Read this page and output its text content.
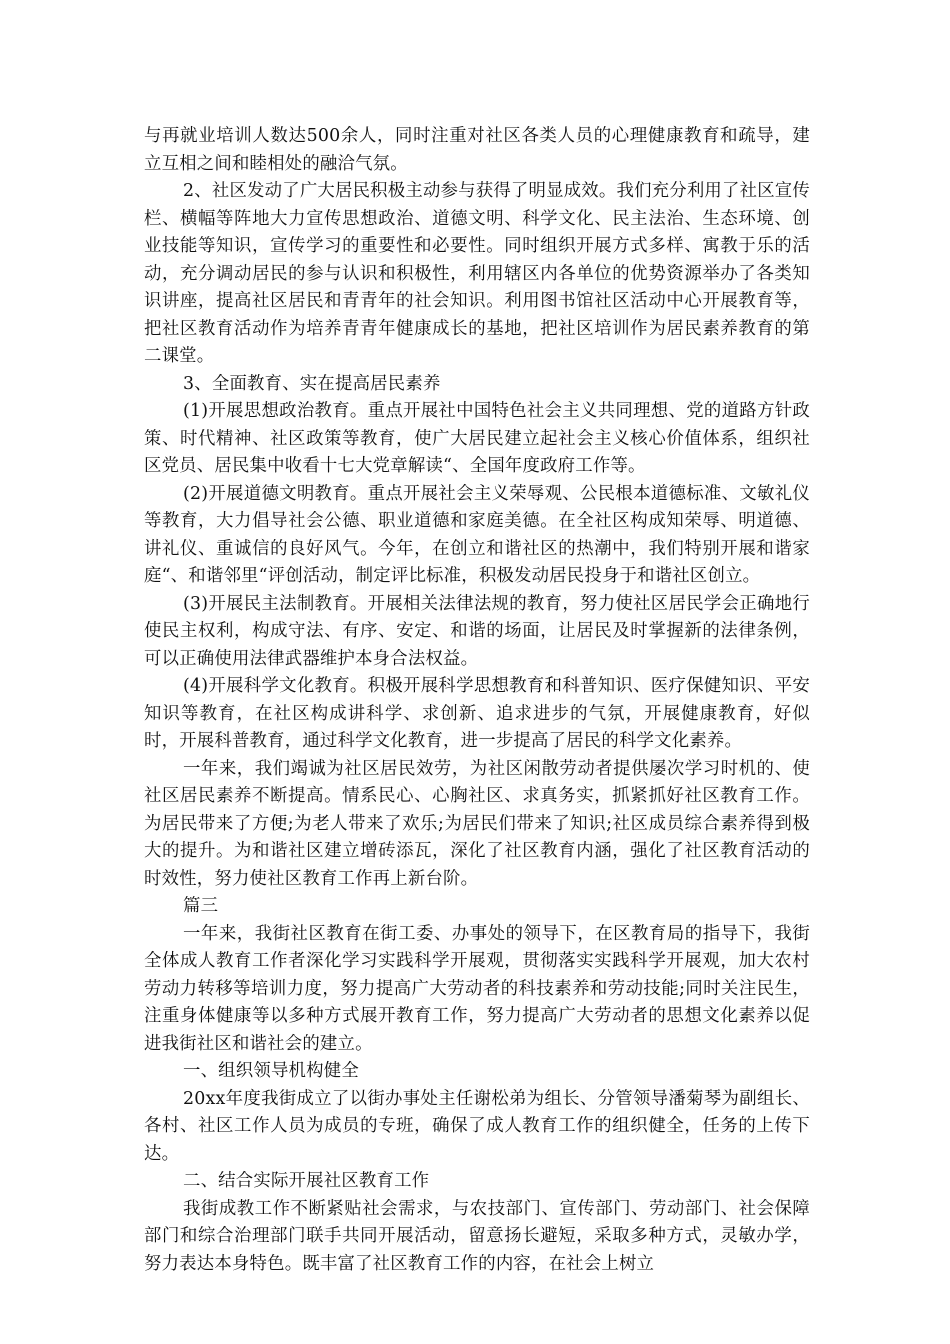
与再就业培训人数达500余人，同时注重对社区各类人员的心理健康教育和疏导，建立互相之间和睦相处的融洽气氛。

2、社区发动了广大居民积极主动参与获得了明显成效。我们充分利用了社区宣传栏、横幅等阵地大力宣传思想政治、道德文明、科学文化、民主法治、生态环境、创业技能等知识，宣传学习的重要性和必要性。同时组织开展方式多样、寓教于乐的活动，充分调动居民的参与认识和积极性，利用辖区内各单位的优势资源举办了各类知识讲座，提高社区居民和青青年的社会知识。利用图书馆社区活动中心开展教育等，把社区教育活动作为培养青青年健康成长的基地，把社区培训作为居民素养教育的第二课堂。

3、全面教育、实在提高居民素养

(1)开展思想政治教育。重点开展社中国特色社会主义共同理想、党的道路方针政策、时代精神、社区政策等教育，使广大居民建立起社会主义核心价值体系，组织社区党员、居民集中收看十七大党章解读“、全国年度政府工作等。

(2)开展道德文明教育。重点开展社会主义荣辱观、公民根本道德标准、文敏礼仪等教育，大力倡导社会公德、职业道德和家庭美德。在全社区构成知荣辱、明道德、讲礼仪、重诚信的良好风气。今年，在创立和谐社区的热潮中，我们特别开展和谐家庭“、和谐邻里“评创活动，制定评比标准，积极发动居民投身于和谐社区创立。

(3)开展民主法制教育。开展相关法律法规的教育，努力使社区居民学会正确地行使民主权利，构成守法、有序、安定、和谐的场面，让居民及时掌握新的法律条例，可以正确使用法律武器维护本身合法权益。

(4)开展科学文化教育。积极开展科学思想教育和科普知识、医疗保健知识、平安知识等教育，在社区构成讲科学、求创新、追求进步的气氛，开展健康教育，好似时，开展科普教育，通过科学文化教育，进一步提高了居民的科学文化素养。

一年来，我们竭诚为社区居民效劳，为社区闲散劳动者提供屡次学习时机的、使社区居民素养不断提高。情系民心、心胸社区、求真务实，抓紧抓好社区教育工作。为居民带来了方便;为老人带来了欢乐;为居民们带来了知识;社区成员综合素养得到极大的提升。为和谐社区建立增砖添瓦，深化了社区教育内涵，强化了社区教育活动的时效性，努力使社区教育工作再上新台阶。

篇三

一年来，我街社区教育在街工委、办事处的领导下，在区教育局的指导下，我街全体成人教育工作者深化学习实践科学开展观，贯彻落实实践科学开展观，加大农村劳动力转移等培训力度，努力提高广大劳动者的科技素养和劳动技能;同时关注民生，注重身体健康等以多种方式展开教育工作，努力提高广大劳动者的思想文化素养以促进我街社区和谐社会的建立。

一、组织领导机构健全

20xx年度我街成立了以街办事处主任谢松弟为组长、分管领导潘菊琴为副组长、各村、社区工作人员为成员的专班，确保了成人教育工作的组织健全，任务的上传下达。

二、结合实际开展社区教育工作

我街成教工作不断紧贴社会需求，与农技部门、宣传部门、劳动部门、社会保障部门和综合治理部门联手共同开展活动，留意扬长避短，采取多种方式，灵敏办学，努力表达本身特色。既丰富了社区教育工作的内容，在社会上树立
